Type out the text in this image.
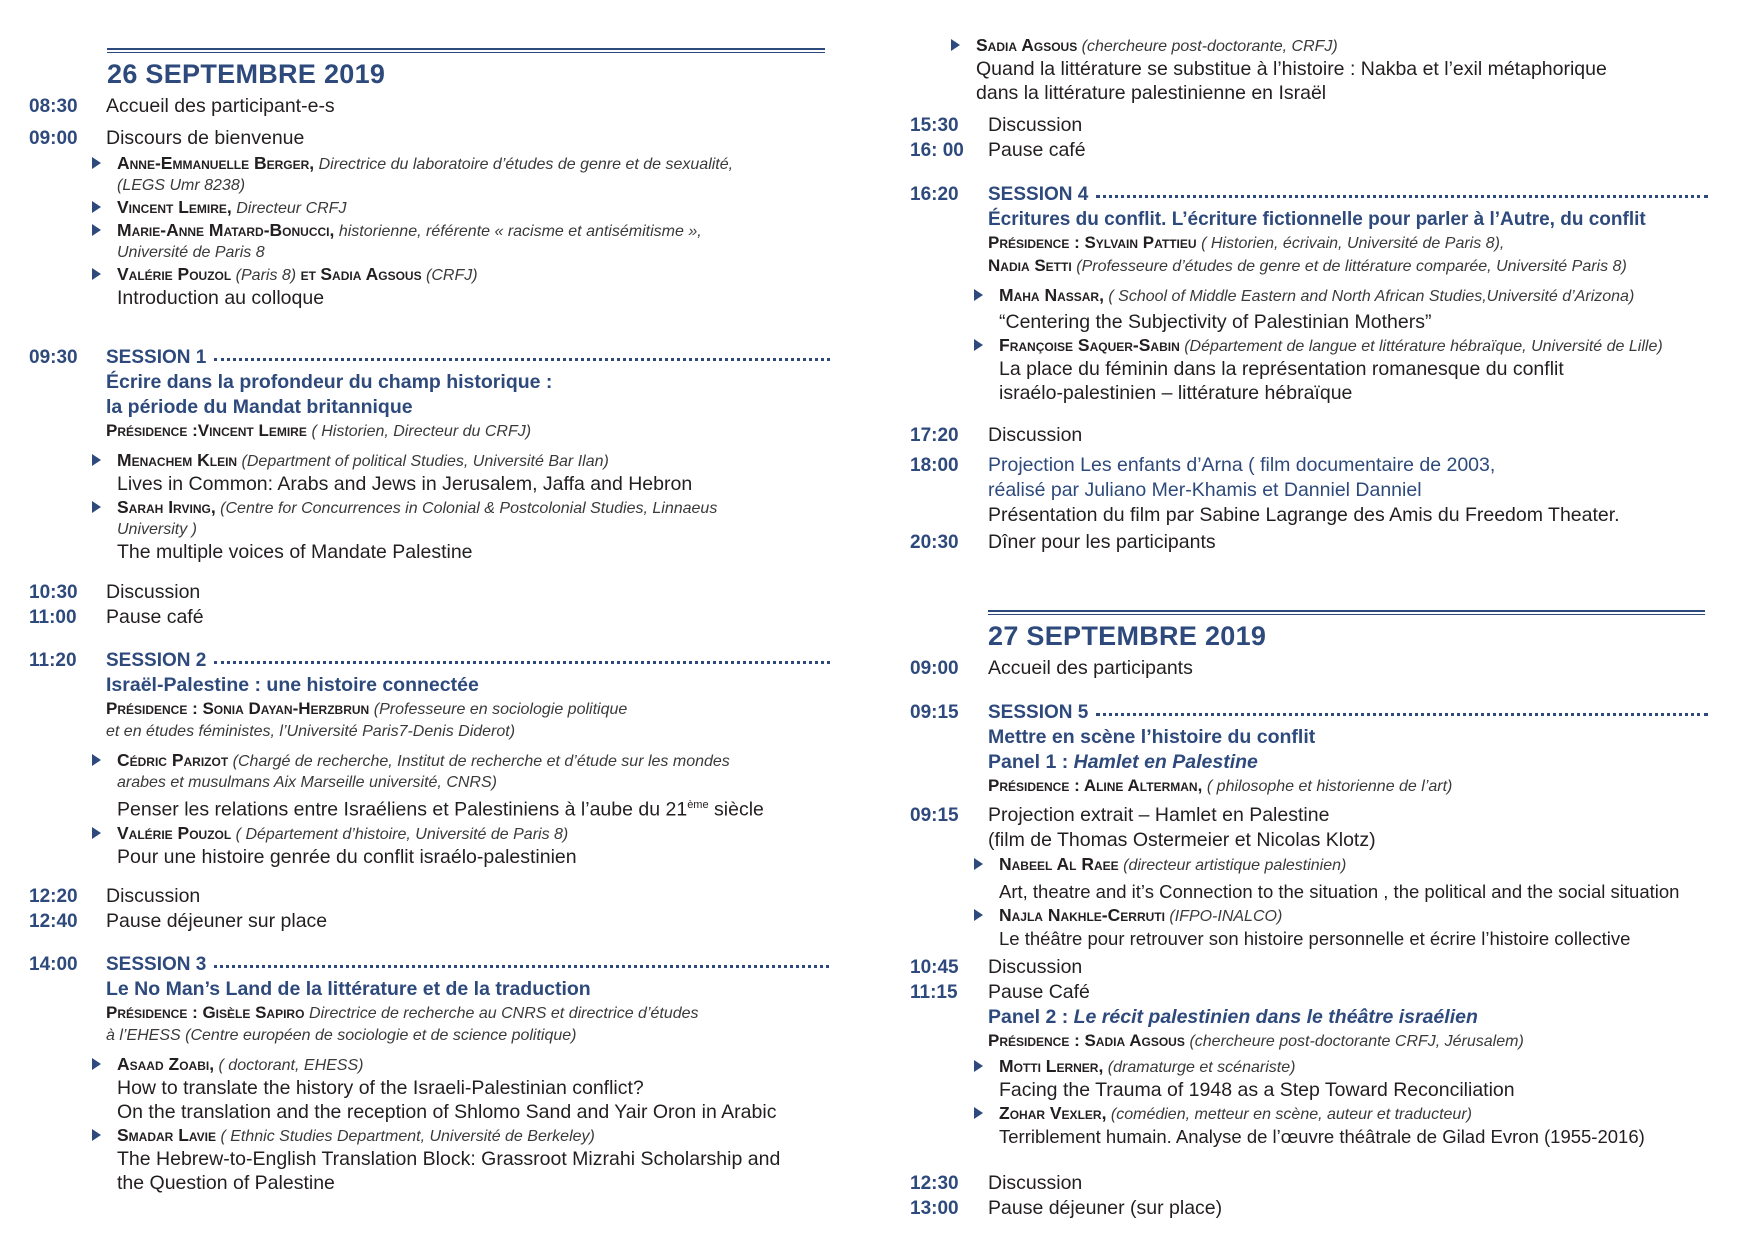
26 SEPTEMBRE 2019
08:30	Accueil des participant-e-s
09:00	Discours de bienvenue
Anne-Emmanuelle Berger, Directrice du laboratoire d’études de genre et de sexualité,
(LEGS Umr 8238)
Vincent Lemire, Directeur CRFJ
Marie-Anne Matard-Bonucci, historienne, référente « racisme et antisémitisme »,
Université de Paris 8
Valérie Pouzol (Paris 8) et Sadia Agsous (CRFJ)
Introduction au colloque
09:30	SESSION 1
Écrire dans la profondeur du champ historique :
la période du Mandat britannique
Présidence :Vincent Lemire ( Historien, Directeur du CRFJ)
Menachem Klein (Department of political Studies, Université Bar Ilan)
Lives in Common: Arabs and Jews in Jerusalem, Jaffa and Hebron
Sarah Irving, (Centre for Concurrences in Colonial & Postcolonial Studies, Linnaeus
University )
The multiple voices of Mandate Palestine
10:30	Discussion
11:00	Pause café
11:20	SESSION 2
Israël-Palestine : une histoire connectée
Présidence : Sonia Dayan-Herzbrun (Professeure en sociologie politique
et en études féministes, l’Université Paris7-Denis Diderot)
Cédric Parizot (Chargé de recherche, Institut de recherche et d’étude sur les mondes
arabes et musulmans Aix Marseille université, CNRS)
Penser les relations entre Israéliens et Palestiniens à l’aube du 21ème siècle
Valérie Pouzol ( Département d’histoire, Université de Paris 8)
Pour une histoire genrée du conflit israélo-palestinien
12:20	Discussion
12:40	Pause déjeuner sur place
14:00	SESSION 3
Le No Man’s Land de la littérature et de la traduction
Présidence : Gisèle Sapiro Directrice de recherche au CNRS et directrice d’études
à l’EHESS (Centre européen de sociologie et de science politique)
Asaad Zoabi, ( doctorant, EHESS)
How to translate the history of the Israeli-Palestinian conflict?
On the translation and the reception of Shlomo Sand and Yair Oron in Arabic
Smadar Lavie ( Ethnic Studies Department, Université de Berkeley)
The Hebrew-to-English Translation Block: Grassroot Mizrahi Scholarship and
the Question of Palestine
Sadia Agsous (chercheure post-doctorante, CRFJ)
Quand la littérature se substitue à l’histoire : Nakba et l’exil métaphorique
dans la littérature palestinienne en Israël
15:30	Discussion
16: 00	Pause café
16:20	SESSION 4
Écritures du conflit. L’écriture fictionnelle pour parler à l’Autre, du conflit
Présidence : Sylvain Pattieu ( Historien, écrivain, Université de Paris 8),
Nadia Setti (Professeure d’études de genre et de littérature comparée, Université Paris 8)
Maha Nassar, ( School of Middle Eastern and North African Studies,Université d’Arizona)
“Centering the Subjectivity of Palestinian Mothers”
Françoise Saquer-Sabin (Département de langue et littérature hébraïque, Université de Lille)
La place du féminin dans la représentation romanesque du conflit
israélo-palestinien – littérature hébraïque
17:20	Discussion
18:00	Projection Les enfants d’Arna ( film documentaire de 2003,
réalisé par Juliano Mer-Khamis et Danniel Danniel
Présentation du film par Sabine Lagrange des Amis du Freedom Theater.
20:30	Dîner pour les participants
27 SEPTEMBRE 2019
09:00	Accueil des participants
09:15	SESSION 5
Mettre en scène l’histoire du conflit
Panel 1 : Hamlet en Palestine
Présidence : Aline Alterman, ( philosophe et historienne de l’art)
09:15	Projection extrait – Hamlet en Palestine
(film de Thomas Ostermeier et Nicolas Klotz)
Nabeel Al Raee (directeur artistique palestinien)
Art, theatre and it’s Connection to the situation , the political and the social situation
Najla Nakhle-Cerruti (IFPO-INALCO)
Le théâtre pour retrouver son histoire personnelle et écrire l’histoire collective
10:45	Discussion
11:15	Pause Café
Panel 2 : Le récit palestinien dans le théâtre israélien
Présidence : Sadia Agsous (chercheure post-doctorante CRFJ, Jérusalem)
Motti Lerner, (dramaturge et scénariste)
Facing the Trauma of 1948 as a Step Toward Reconciliation
Zohar Vexler, (comédien, metteur en scène, auteur et traducteur)
Terriblement humain. Analyse de l’œuvre théâtrale de Gilad Evron (1955-2016)
12:30	Discussion
13:00	Pause déjeuner (sur place)
